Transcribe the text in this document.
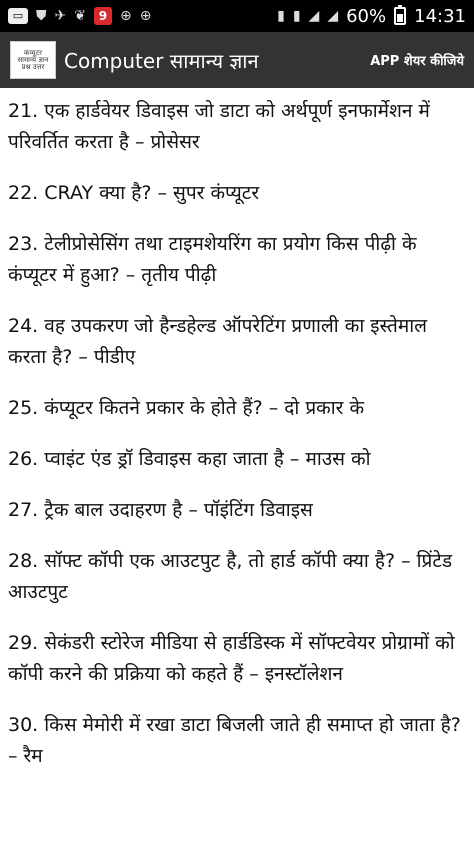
▭ ⛊ ✈ ❦	9 ⊕ ⊕	▮ ▮ ◢ ◢ 60% 14:31
कंप्यूटर
सामान्य ज्ञान
प्रश्न उत्तर Computer सामान्य ज्ञान	APP शेयर कीजिये
21. एक हार्डवेयर डिवाइस जो डाटा को अर्थपूर्ण इनफार्मेशन में परिवर्तित करता है – प्रोसेसर
22. CRAY क्या है? – सुपर कंप्यूटर
23. टेलीप्रोसेसिंग तथा टाइमशेयरिंग का प्रयोग किस पीढ़ी के कंप्यूटर में हुआ? – तृतीय पीढ़ी
24. वह उपकरण जो हैन्डहेल्ड ऑपरेटिंग प्रणाली का इस्तेमाल करता है? – पीडीए
25. कंप्यूटर कितने प्रकार के होते हैं? – दो प्रकार के
26. प्वाइंट एंड ड्रॉ डिवाइस कहा जाता है – माउस को
27. ट्रैक बाल उदाहरण है – पॉइंटिंग डिवाइस
28. सॉफ्ट कॉपी एक आउटपुट है, तो हार्ड कॉपी क्या है? – प्रिंटेड आउटपुट
29. सेकंडरी स्टोरेज मीडिया से हार्डडिस्क में सॉफ्टवेयर प्रोग्रामों को कॉपी करने की प्रक्रिया को कहते हैं – इनस्टॉलेशन
30. किस मेमोरी में रखा डाटा बिजली जाते ही समाप्त हो जाता है? – रैम
